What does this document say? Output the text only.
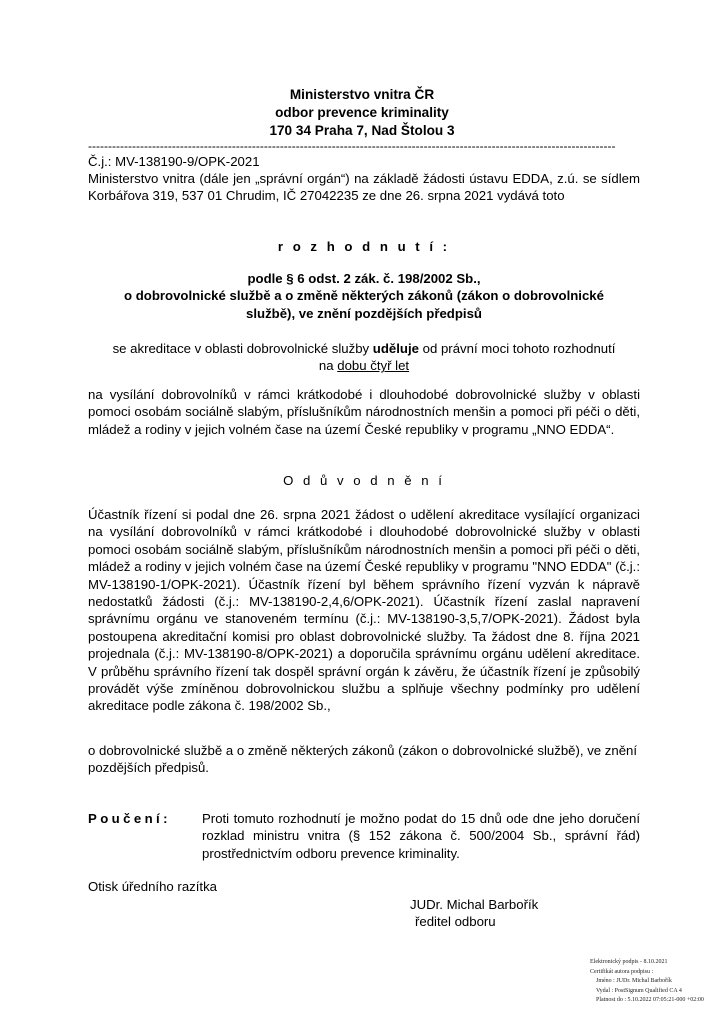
Ministerstvo vnitra ČR
odbor prevence kriminality
170 34 Praha 7, Nad Štolou 3
------------------------------------------------------------------------------------------------------------------------------------
Č.j.: MV-138190-9/OPK-2021
Ministerstvo vnitra (dále jen „správní orgán“) na základě žádosti ústavu EDDA, z.ú. se sídlem Korbářova 319, 537 01 Chrudim, IČ 27042235 ze dne 26. srpna 2021 vydává toto
r o z h o d n u t í :
podle § 6 odst. 2 zák. č. 198/2002 Sb.,
o dobrovolnické službě a o změně některých zákonů (zákon o dobrovolnické službě), ve znění pozdějších předpisů
se akreditace v oblasti dobrovolnické služby uděluje od právní moci tohoto rozhodnutí na dobu čtyř let
na vysílání dobrovolníků v rámci krátkodobé i dlouhodobé dobrovolnické služby v oblasti pomoci osobám sociálně slabým, příslušníkům národnostních menšin a pomoci při péči o děti, mládež a rodiny v jejich volném čase na území České republiky v programu „NNO EDDA“.
O d ů v o d n ě n í
Účastník řízení si podal dne 26. srpna 2021 žádost o udělení akreditace vysílající organizaci na vysílání dobrovolníků v rámci krátkodobé i dlouhodobé dobrovolnické služby v oblasti pomoci osobám sociálně slabým, příslušníkům národnostních menšin a pomoci při péči o děti, mládež a rodiny v jejich volném čase na území České republiky v programu "NNO EDDA" (č.j.: MV-138190-1/OPK-2021). Účastník řízení byl během správního řízení vyzván k nápravě nedostatků žádosti (č.j.: MV-138190-2,4,6/OPK-2021). Účastník řízení zaslal napravení správnímu orgánu ve stanoveném termínu (č.j.: MV-138190-3,5,7/OPK-2021). Žádost byla postoupena akreditační komisi pro oblast dobrovolnické služby. Ta žádost dne 8. října 2021 projednala (č.j.: MV-138190-8/OPK-2021) a doporučila správnímu orgánu udělení akreditace. V průběhu správního řízení tak dospěl správní orgán k závěru, že účastník řízení je způsobilý provádět výše zmíněnou dobrovolnickou službu a splňuje všechny podmínky pro udělení akreditace podle zákona č. 198/2002 Sb.,
o dobrovolnické službě a o změně některých zákonů (zákon o dobrovolnické službě), ve znění pozdějších předpisů.
Poučení: Proti tomuto rozhodnutí je možno podat do 15 dnů ode dne jeho doručení rozklad ministru vnitra (§ 152 zákona č. 500/2004 Sb., správní řád) prostřednictvím odboru prevence kriminality.
Otisk úředního razítka
JUDr. Michal Barbořík
ředitel odboru
Elektronický podpis - 8.10.2021
Certifikát autora podpisu :
Jméno : JUDr. Michal Barbořík
Vydal : PostSignum Qualified CA 4
Platnost do : 5.10.2022 07:05:21-000 +02:00
